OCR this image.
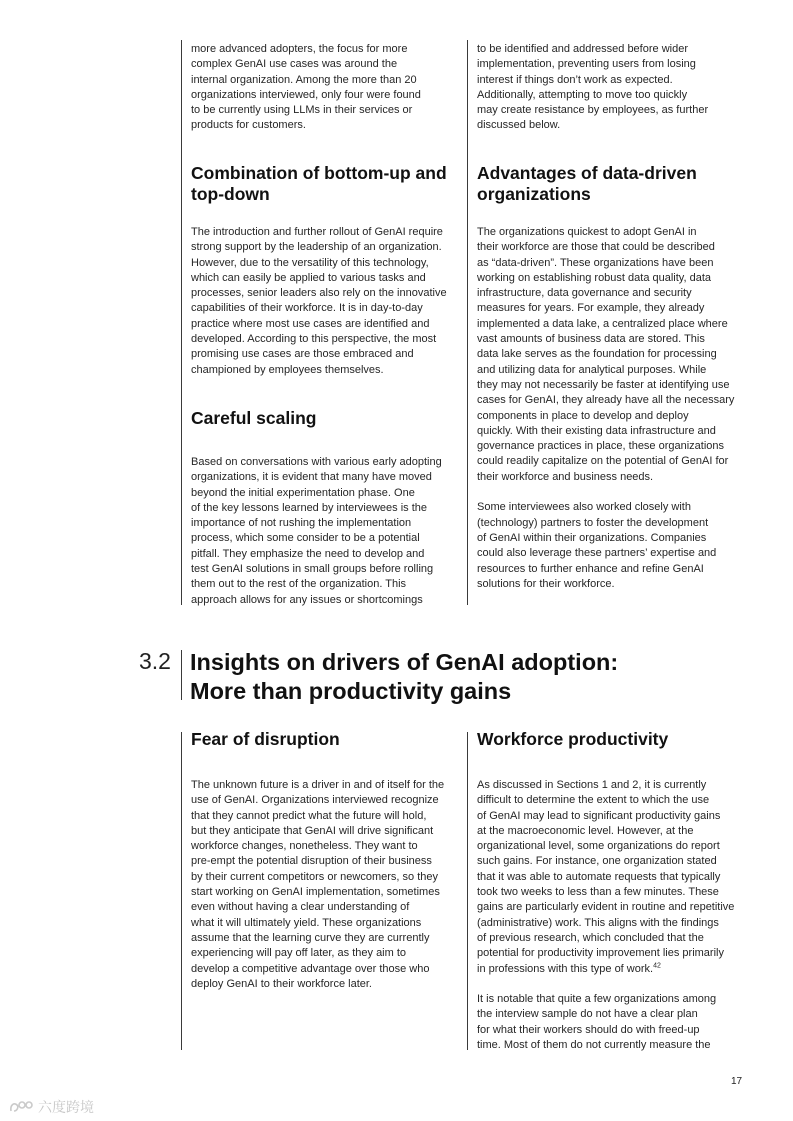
more advanced adopters, the focus for more
complex GenAI use cases was around the
internal organization. Among the more than 20
organizations interviewed, only four were found
to be currently using LLMs in their services or
products for customers.

Combination of bottom-up and
top-down

The introduction and further rollout of GenAI require
strong support by the leadership of an organization.
However, due to the versatility of this technology,
which can easily be applied to various tasks and
processes, senior leaders also rely on the innovative
capabilities of their workforce. It is in day-to-day
practice where most use cases are identified and
developed. According to this perspective, the most
promising use cases are those embraced and
championed by employees themselves.

Careful scaling

Based on conversations with various early adopting
organizations, it is evident that many have moved
beyond the initial experimentation phase. One
of the key lessons learned by interviewees is the
importance of not rushing the implementation
process, which some consider to be a potential
pitfall. They emphasize the need to develop and
test GenAI solutions in small groups before rolling
them out to the rest of the organization. This
approach allows for any issues or shortcomings

to be identified and addressed before wider
implementation, preventing users from losing
interest if things don’t work as expected.
Additionally, attempting to move too quickly
may create resistance by employees, as further
discussed below.

Advantages of data-driven
organizations

The organizations quickest to adopt GenAI in
their workforce are those that could be described
as “data-driven”. These organizations have been
working on establishing robust data quality, data
infrastructure, data governance and security
measures for years. For example, they already
implemented a data lake, a centralized place where
vast amounts of business data are stored. This
data lake serves as the foundation for processing
and utilizing data for analytical purposes. While
they may not necessarily be faster at identifying use
cases for GenAI, they already have all the necessary
components in place to develop and deploy
quickly. With their existing data infrastructure and
governance practices in place, these organizations
could readily capitalize on the potential of GenAI for
their workforce and business needs.

Some interviewees also worked closely with
(technology) partners to foster the development
of GenAI within their organizations. Companies
could also leverage these partners’ expertise and
resources to further enhance and refine GenAI
solutions for their workforce.

3.2 Insights on drivers of GenAI adoption:
More than productivity gains
Fear of disruption

The unknown future is a driver in and of itself for the
use of GenAI. Organizations interviewed recognize
that they cannot predict what the future will hold,
but they anticipate that GenAI will drive significant
workforce changes, nonetheless. They want to
pre-empt the potential disruption of their business
by their current competitors or newcomers, so they
start working on GenAI implementation, sometimes
even without having a clear understanding of
what it will ultimately yield. These organizations
assume that the learning curve they are currently
experiencing will pay off later, as they aim to
develop a competitive advantage over those who
deploy GenAI to their workforce later.

Workforce productivity

As discussed in Sections 1 and 2, it is currently
difficult to determine the extent to which the use
of GenAI may lead to significant productivity gains
at the macroeconomic level. However, at the
organizational level, some organizations do report
such gains. For instance, one organization stated
that it was able to automate requests that typically
took two weeks to less than a few minutes. These
gains are particularly evident in routine and repetitive
(administrative) work. This aligns with the findings
of previous research, which concluded that the
potential for productivity improvement lies primarily
in professions with this type of work.$^{42}$

It is notable that quite a few organizations among
the interview sample do not have a clear plan
for what their workers should do with freed-up
time. Most of them do not currently measure the

17
六度跨境
